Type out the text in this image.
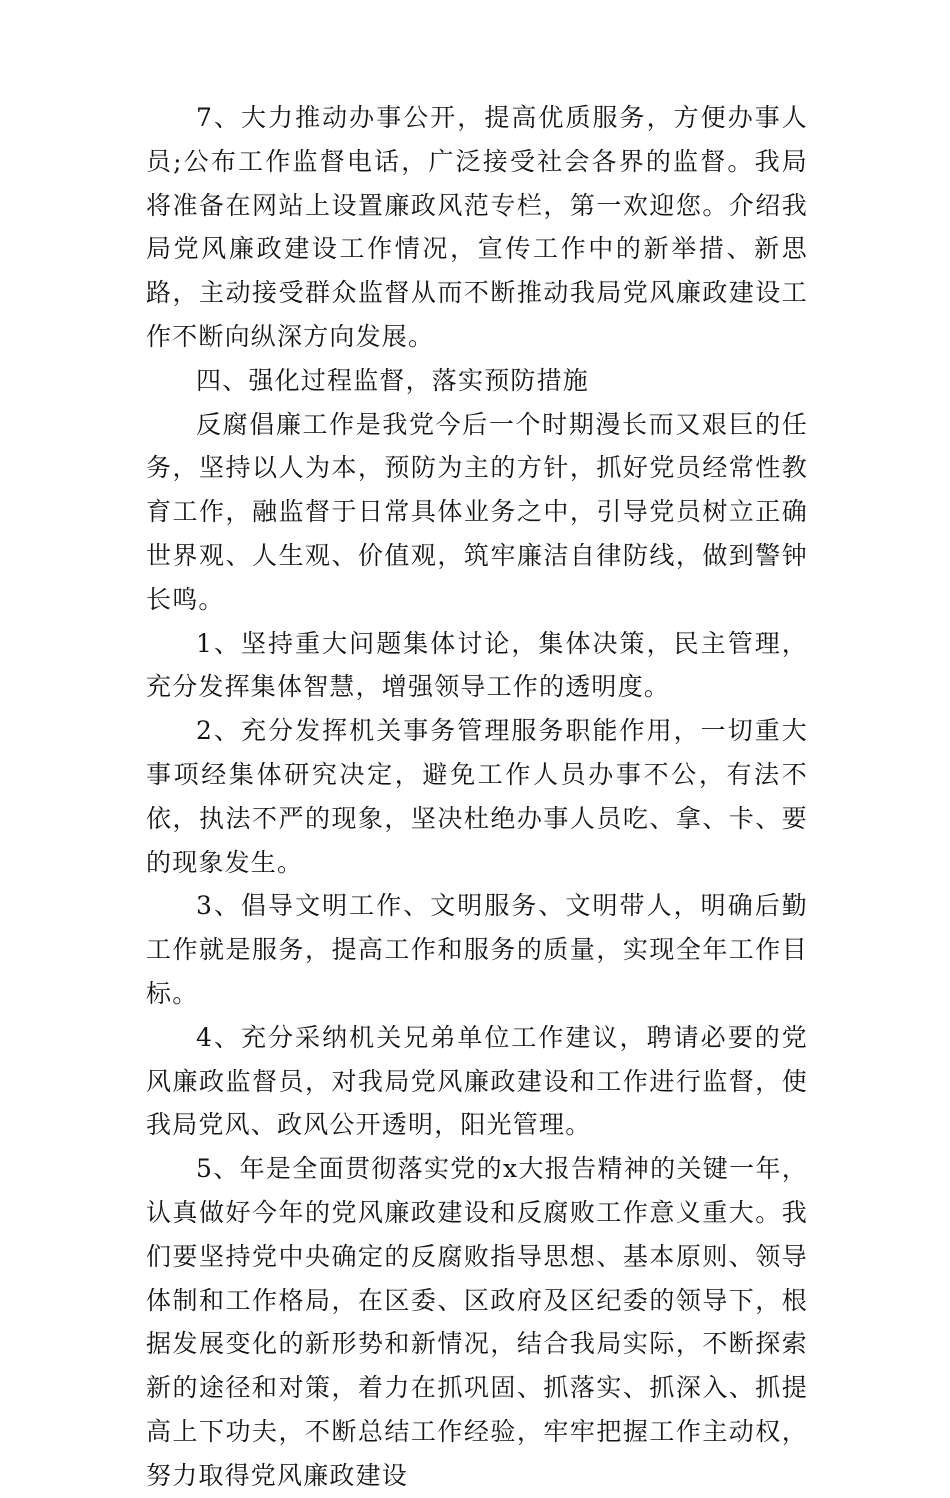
7、大力推动办事公开，提高优质服务，方便办事人员;公布工作监督电话，广泛接受社会各界的监督。我局将准备在网站上设置廉政风范专栏，第一欢迎您。介绍我局党风廉政建设工作情况，宣传工作中的新举措、新思路，主动接受群众监督从而不断推动我局党风廉政建设工作不断向纵深方向发展。

四、强化过程监督，落实预防措施

反腐倡廉工作是我党今后一个时期漫长而又艰巨的任务，坚持以人为本，预防为主的方针，抓好党员经常性教育工作，融监督于日常具体业务之中，引导党员树立正确世界观、人生观、价值观，筑牢廉洁自律防线，做到警钟长鸣。

1、坚持重大问题集体讨论，集体决策，民主管理，充分发挥集体智慧，增强领导工作的透明度。

2、充分发挥机关事务管理服务职能作用，一切重大事项经集体研究决定，避免工作人员办事不公，有法不依，执法不严的现象，坚决杜绝办事人员吃、拿、卡、要的现象发生。

3、倡导文明工作、文明服务、文明带人，明确后勤工作就是服务，提高工作和服务的质量，实现全年工作目标。

4、充分采纳机关兄弟单位工作建议，聘请必要的党风廉政监督员，对我局党风廉政建设和工作进行监督，使我局党风、政风公开透明，阳光管理。

5、年是全面贯彻落实党的x大报告精神的关键一年，认真做好今年的党风廉政建设和反腐败工作意义重大。我们要坚持党中央确定的反腐败指导思想、基本原则、领导体制和工作格局，在区委、区政府及区纪委的领导下，根据发展变化的新形势和新情况，结合我局实际，不断探索新的途径和对策，着力在抓巩固、抓落实、抓深入、抓提高上下功夫，不断总结工作经验，牢牢把握工作主动权，努力取得党风廉政建设
